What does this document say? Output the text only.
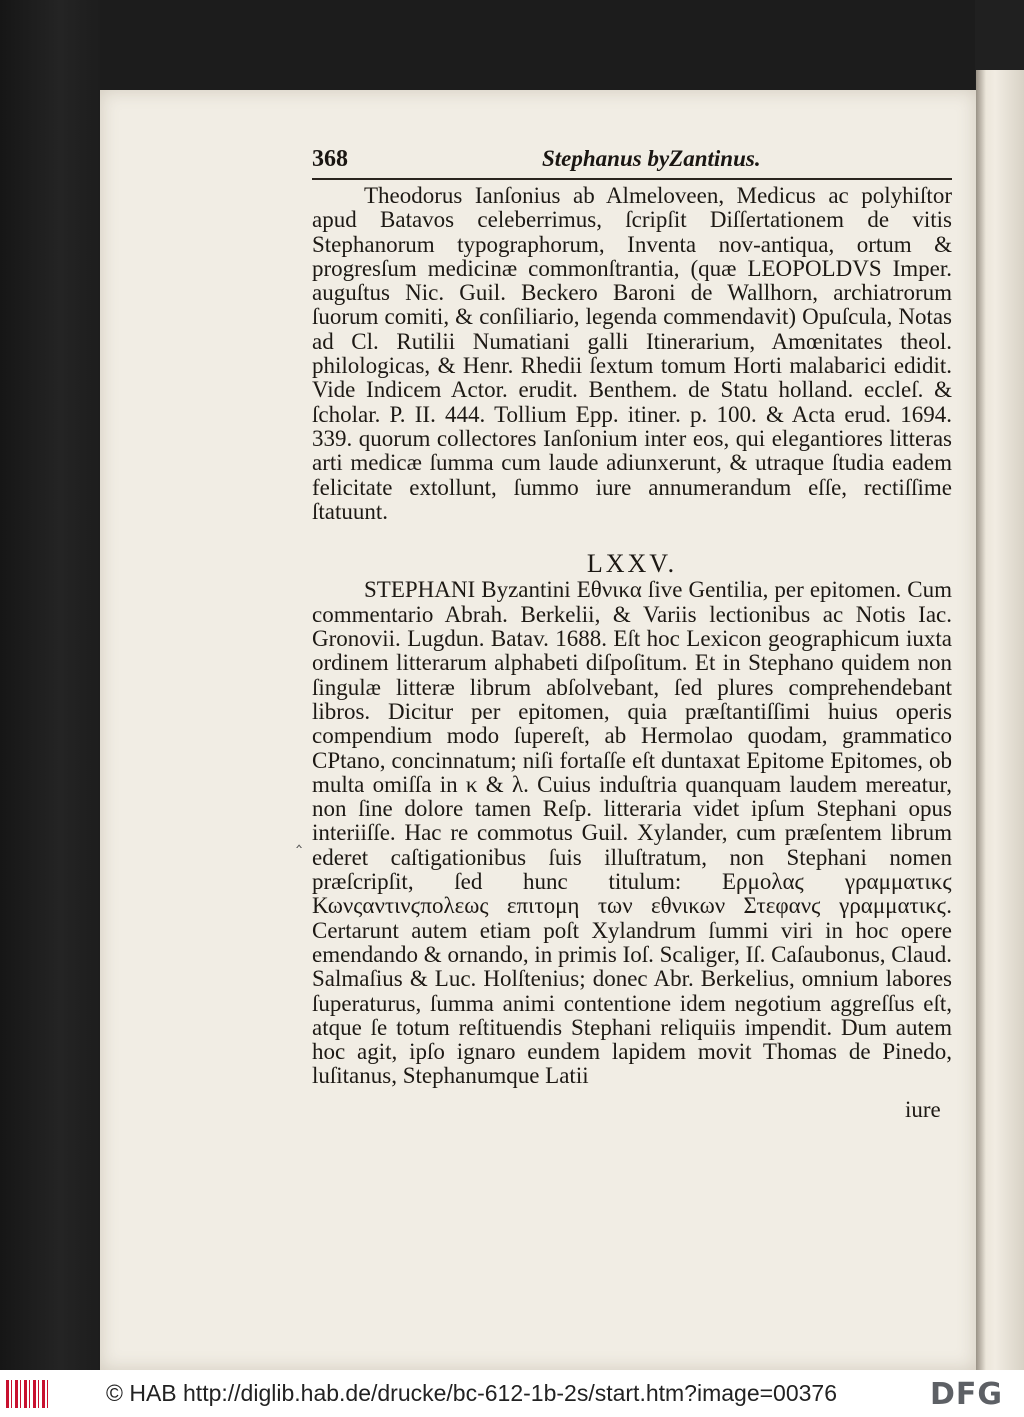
368	Stephanus byZantinus.

Theodorus Ianſonius ab Almeloveen, Medicus ac polyhiſtor apud Batavos celeberrimus, ſcripſit Diſſertationem de vitis Stephanorum typographorum, Inventa nov-antiqua, ortum & progresſum medicinæ commonſtrantia, (quæ LEOPOLDVS Imper. auguſtus Nic. Guil. Beckero Baroni de Wallhorn, archiatrorum ſuorum comiti, & conſiliario, legenda commendavit) Opuſcula, Notas ad Cl. Rutilii Numatiani galli Itinerarium, Amœnitates theol. philologicas, & Henr. Rhedii ſextum tomum Horti malabarici edidit. Vide Indicem Actor. erudit. Benthem. de Statu holland. eccleſ. & ſcholar. P. II. 444. Tollium Epp. itiner. p. 100. & Acta erud. 1694. 339. quorum collectores Ianſonium inter eos, qui elegantiores litteras arti medicæ ſumma cum laude adiunxerunt, & utraque ſtudia eadem felicitate extollunt, ſummo iure annumerandum eſſe, rectiſſime ſtatuunt.

LXXV.

STEPHANI Byzantini Εθνικα ſive Gentilia, per epitomen. Cum commentario Abrah. Berkelii, & Variis lectionibus ac Notis Iac. Gronovii. Lugdun. Batav. 1688. Eſt hoc Lexicon geographicum iuxta ordinem litterarum alphabeti diſpoſitum. Et in Stephano quidem non ſingulæ litteræ librum abſolvebant, ſed plures comprehendebant libros. Dicitur per epitomen, quia præſtantiſſimi huius operis compendium modo ſupereſt, ab Hermolao quodam, grammatico CPtano, concinnatum; niſi fortaſſe eſt duntaxat Epitome Epitomes, ob multa omiſſa in κ & λ. Cuius induſtria quanquam laudem mereatur, non ſine dolore tamen Reſp. litteraria videt ipſum Stephani opus interiiſſe. Hac re commotus Guil. Xylander, cum præſentem librum ederet caſtigationibus ſuis illuſtratum, non Stephani nomen præſcripſit, ſed hunc titulum: Ερμολαϛ γραμματικϛ Κωνςαντινϛπολεως επιτομη των εθνικων Στεφανϛ γραμματικϛ. Certarunt autem etiam poſt Xylandrum ſummi viri in hoc opere emendando & ornando, in primis Ioſ. Scaliger, Iſ. Caſaubonus, Claud. Salmaſius & Luc. Holſtenius; donec Abr. Berkelius, omnium labores ſuperaturus, ſumma animi contentione idem negotium aggreſſus eſt, atque ſe totum reſtituendis Stephani reliquiis impendit. Dum autem hoc agit, ipſo ignaro eundem lapidem movit Thomas de Pinedo, luſitanus, Stephanumque Latii

iure
‸
© HAB http://diglib.hab.de/drucke/bc-612-1b-2s/start.htm?image=00376	DFG
